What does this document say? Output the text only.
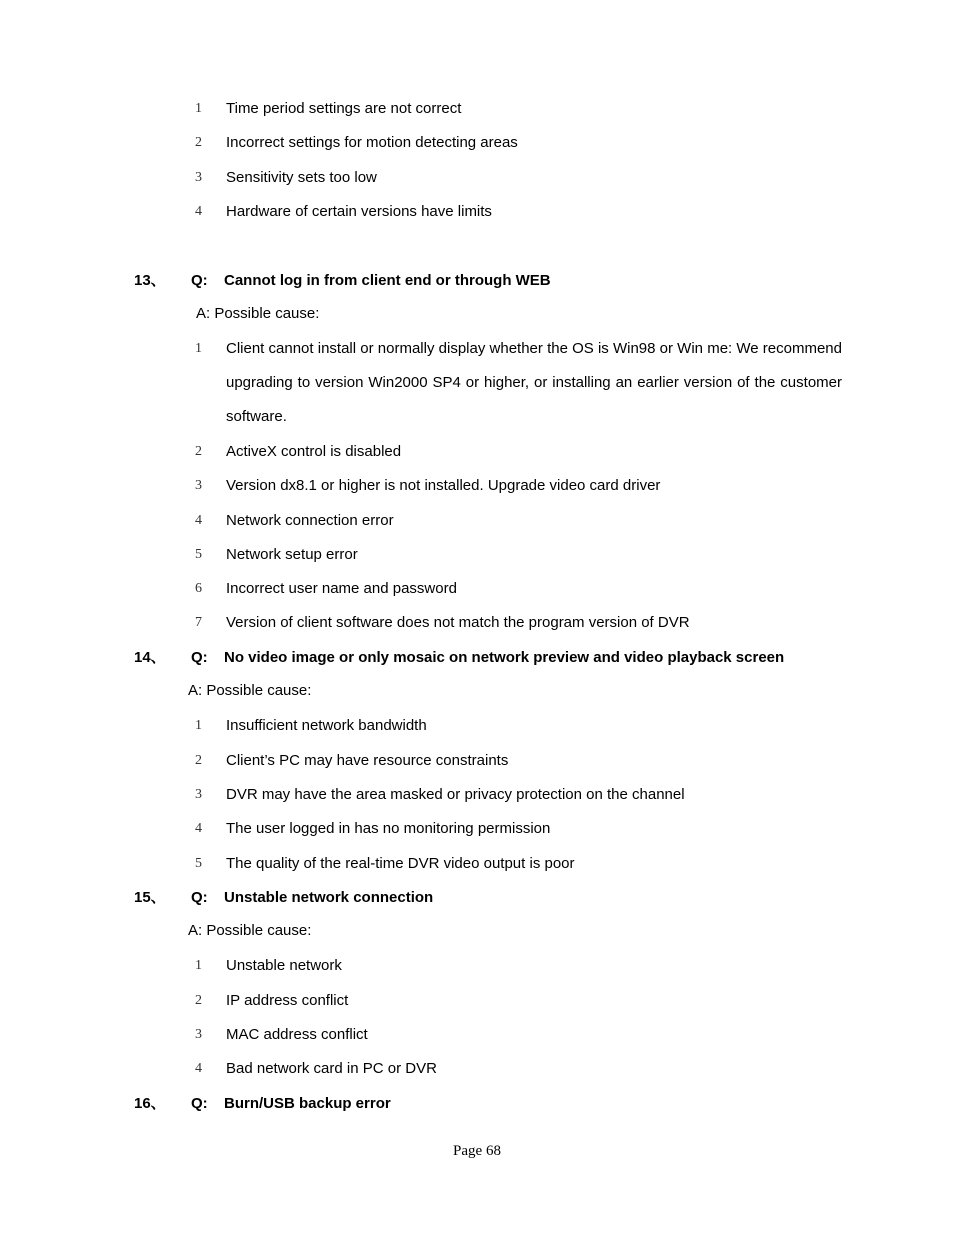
1	Time period settings are not correct
2	Incorrect settings for motion detecting areas
3	Sensitivity sets too low
4	Hardware of certain versions have limits
13、 Q: Cannot log in from client end or through WEB
A: Possible cause:
1	Client cannot install or normally display whether the OS is Win98 or Win me: We recommend upgrading to version Win2000 SP4 or higher, or installing an earlier version of the customer software.
2	ActiveX control is disabled
3	Version dx8.1 or higher is not installed. Upgrade video card driver
4	Network connection error
5	Network setup error
6	Incorrect user name and password
7	Version of client software does not match the program version of DVR
14、 Q: No video image or only mosaic on network preview and video playback screen
A: Possible cause:
1	Insufficient network bandwidth
2	Client’s PC may have resource constraints
3	DVR may have the area masked or privacy protection on the channel
4	The user logged in has no monitoring permission
5	The quality of the real-time DVR video output is poor
15、 Q: Unstable network connection
A: Possible cause:
1	Unstable network
2	IP address conflict
3	MAC address conflict
4	Bad network card in PC or DVR
16、 Q: Burn/USB backup error
Page 68
